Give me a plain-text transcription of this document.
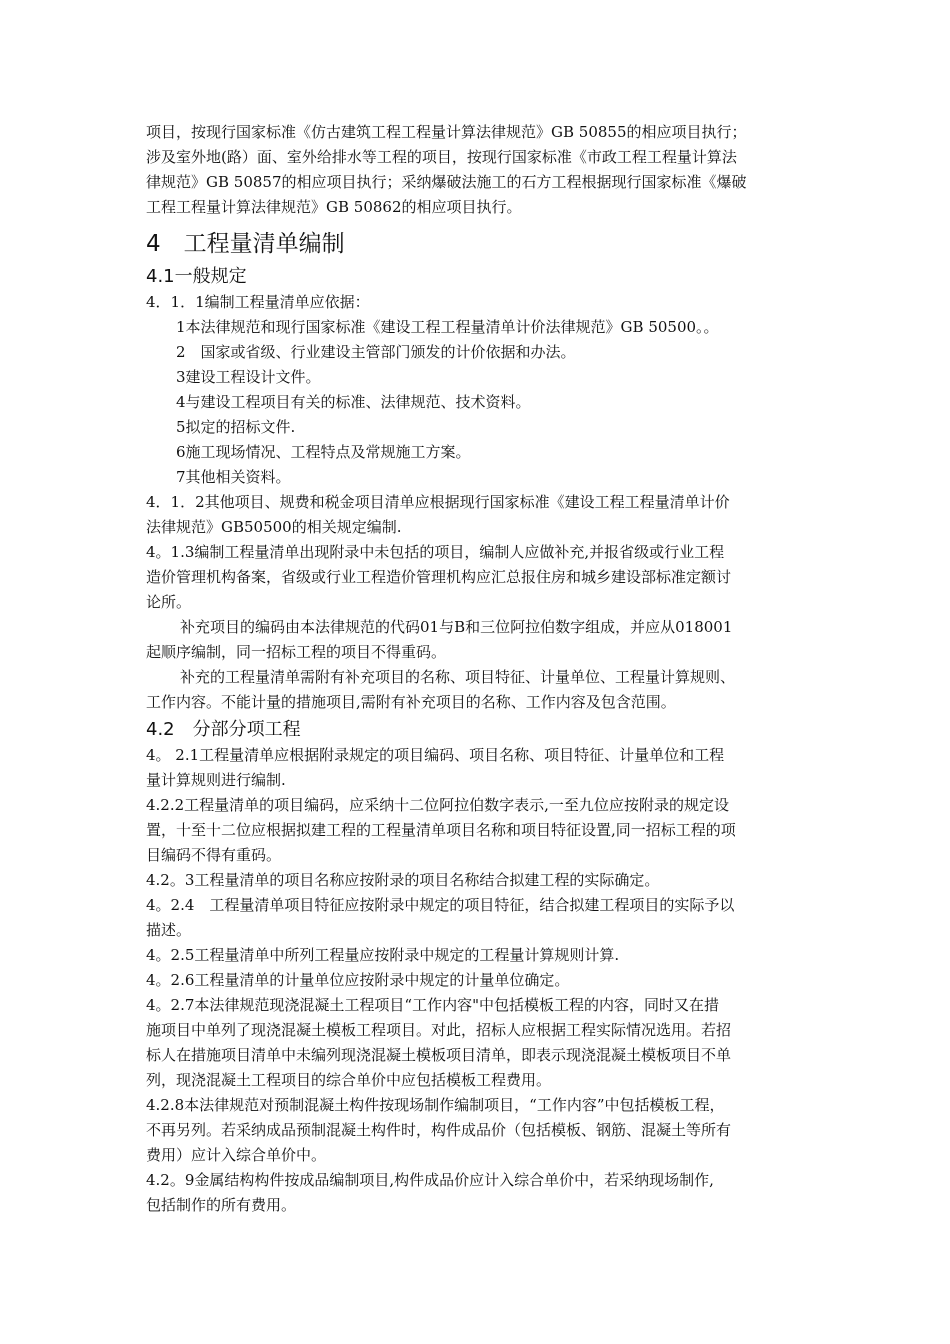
项目，按现行国家标准《仿古建筑工程工程量计算法律规范》GB 50855的相应项目执行；

涉及室外地(路）面、室外给排水等工程的项目，按现行国家标准《市政工程工程量计算法

律规范》GB 50857的相应项目执行；采纳爆破法施工的石方工程根据现行国家标准《爆破

工程工程量计算法律规范》GB 50862的相应项目执行。

4　工程量清单编制
4.1一般规定

4．1．1编制工程量清单应依据：

1本法律规范和现行国家标准《建设工程工程量清单计价法律规范》GB 50500。。

2　国家或省级、行业建设主管部门颁发的计价依据和办法。

3建设工程设计文件。

4与建设工程项目有关的标准、法律规范、技术资料。

5拟定的招标文件.

6施工现场情况、工程特点及常规施工方案。

7其他相关资料。

4．1．2其他项目、规费和税金项目清单应根据现行国家标准《建设工程工程量清单计价

法律规范》GB50500的相关规定编制.

4。1.3编制工程量清单出现附录中未包括的项目，编制人应做补充,并报省级或行业工程

造价管理机构备案，省级或行业工程造价管理机构应汇总报住房和城乡建设部标准定额讨

论所。

补充项目的编码由本法律规范的代码01与B和三位阿拉伯数字组成，并应从018001

起顺序编制，同一招标工程的项目不得重码。

补充的工程量清单需附有补充项目的名称、项目特征、计量单位、工程量计算规则、

工作内容。不能计量的措施项目,需附有补充项目的名称、工作内容及包含范围。

4.2　分部分项工程

4。 2.1工程量清单应根据附录规定的项目编码、项目名称、项目特征、计量单位和工程

量计算规则进行编制.

4.2.2工程量清单的项目编码，应采纳十二位阿拉伯数字表示,一至九位应按附录的规定设

置，十至十二位应根据拟建工程的工程量清单项目名称和项目特征设置,同一招标工程的项

目编码不得有重码。

4.2。3工程量清单的项目名称应按附录的项目名称结合拟建工程的实际确定。

4。2.4　工程量清单项目特征应按附录中规定的项目特征，结合拟建工程项目的实际予以

描述。

4。2.5工程量清单中所列工程量应按附录中规定的工程量计算规则计算.

4。2.6工程量清单的计量单位应按附录中规定的计量单位确定。

4。2.7本法律规范现浇混凝土工程项目“工作内容"中包括模板工程的内容，同时又在措

施项目中单列了现浇混凝土模板工程项目。对此，招标人应根据工程实际情况选用。若招

标人在措施项目清单中未编列现浇混凝土模板项目清单，即表示现浇混凝土模板项目不单

列，现浇混凝土工程项目的综合单价中应包括模板工程费用。

4.2.8本法律规范对预制混凝土构件按现场制作编制项目，“工作内容”中包括模板工程，

不再另列。若采纳成品预制混凝土构件时，构件成品价（包括模板、钢筋、混凝土等所有

费用）应计入综合单价中。

4.2。9金属结构构件按成品编制项目,构件成品价应计入综合单价中，若采纳现场制作,

包括制作的所有费用。
